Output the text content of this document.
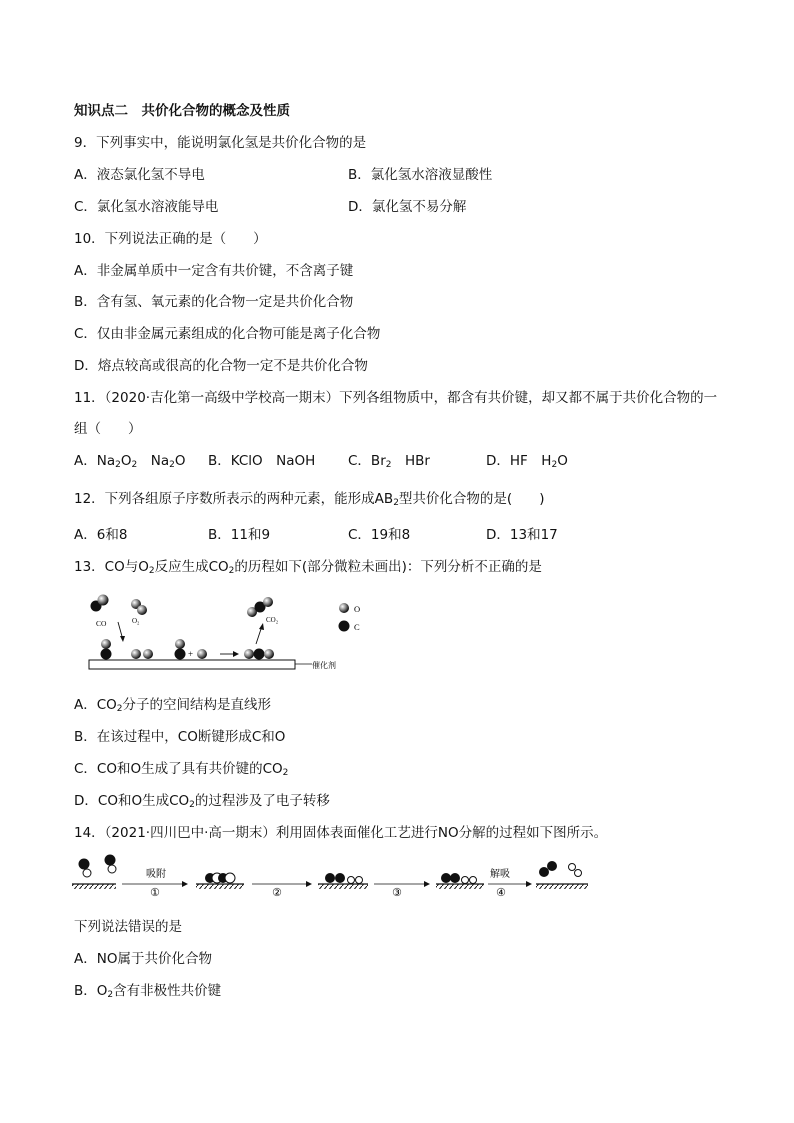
知识点二　共价化合物的概念及性质
9．下列事实中，能说明氯化氢是共价化合物的是
A．液态氯化氢不导电	B．氯化氢水溶液显酸性
C．氯化氢水溶液能导电	D．氯化氢不易分解
10．下列说法正确的是（　　）
A．非金属单质中一定含有共价键，不含离子键
B．含有氢、氧元素的化合物一定是共价化合物
C．仅由非金属元素组成的化合物可能是离子化合物
D．熔点较高或很高的化合物一定不是共价化合物
11．（2020·吉化第一高级中学校高一期末）下列各组物质中，都含有共价键，却又都不属于共价化合物的一
组（　　）
A．$Na_2O_2$　 $Na_2O$ B．KClO　NaOH C．$Br_2$　HBr	D．HF　$H_2O$
12．下列各组原子序数所表示的两种元素，能形成$AB_2$型共价化合物的是(　　)
A．6和8	B．11和9	C．19和8	D．13和17
13．CO与$O_2$反应生成$CO_2$的历程如下(部分微粒未画出)：下列分析不正确的是
CO	O₂	CO₂
催化剂
+
O
C
A．$CO_2$分子的空间结构是直线形
B．在该过程中，CO断键形成C和O
C．CO和O生成了具有共价键的$CO_2$
D．CO和O生成$CO_2$的过程涉及了电子转移
14．（2021·四川巴中·高一期末）利用固体表面催化工艺进行NO分解的过程如下图所示。
吸附
①	②	③
解吸
④
下列说法错误的是
A．NO属于共价化合物
B．$O_2$含有非极性共价键
